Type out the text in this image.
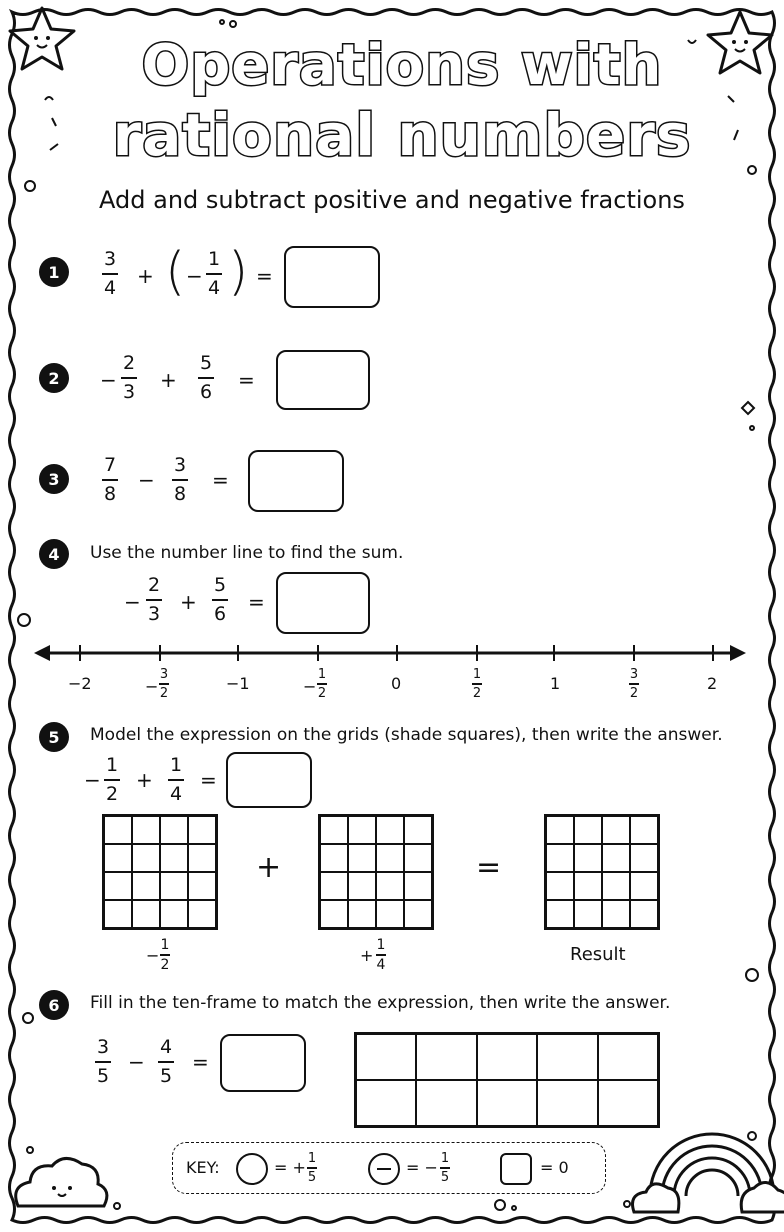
Operations with
rational numbers
Add and subtract positive and negative fractions
1
3
4 + ( −
1
4 ) =
2	−
2
3 +
5
6 =
3
7
8
−
3
8
=
4	Use the number line to find the sum.
−
2
3 +
5
6 =
−2	−
3
2	−1	−
1
2	0	1
2	1	3
2	2
5	Model the expression on the grids (shade squares), then write the answer.
−
1
2
+
1
4
=
+	=
−
1
2	+
1
4	Result
6	Fill in the ten-frame to match the expression, then write the answer.
3
5
−
4
5
=
KEY:	= + 1
5	= − 1
5	= 0
